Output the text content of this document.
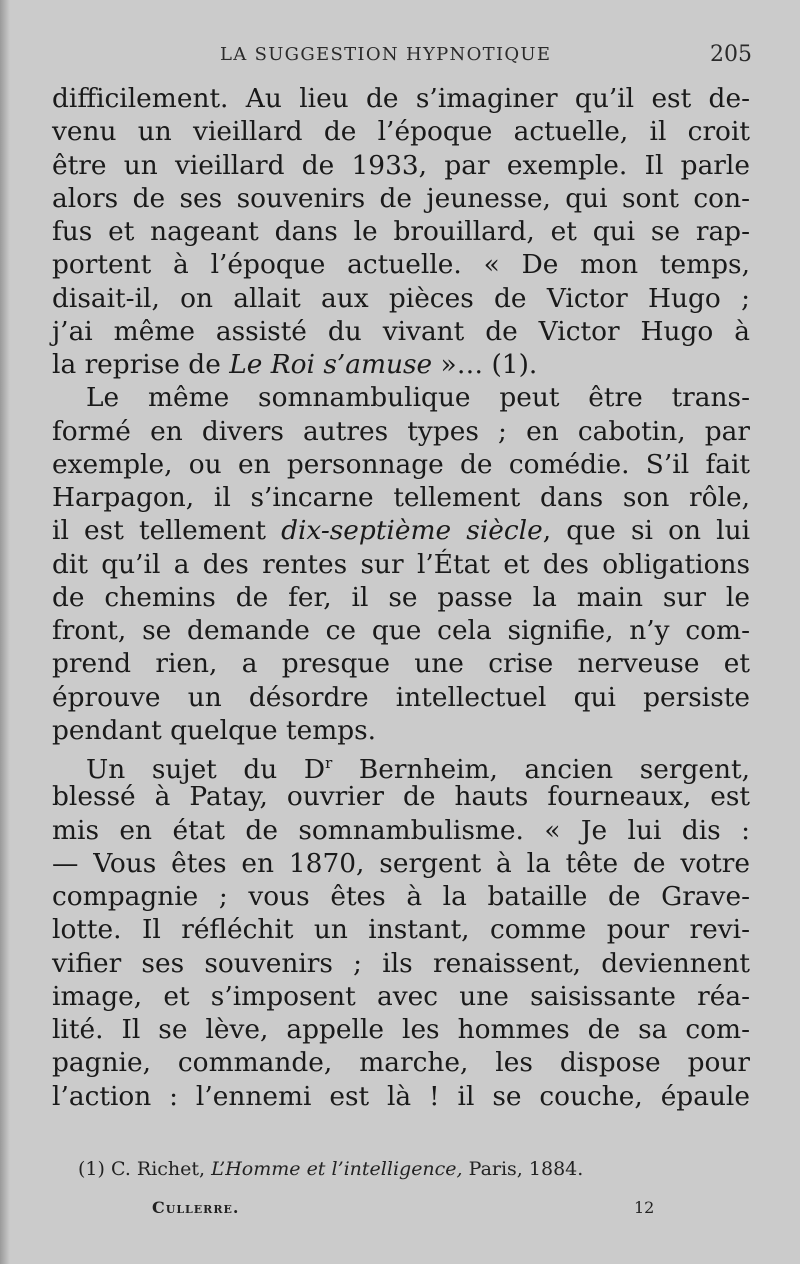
LA SUGGESTION HYPNOTIQUE	205
difficilement. Au lieu de s’imaginer qu’il est de-
venu un vieillard de l’époque actuelle, il croit
être un vieillard de 1933, par exemple. Il parle
alors de ses souvenirs de jeunesse, qui sont con-
fus et nageant dans le brouillard, et qui se rap-
portent à l’époque actuelle. « De mon temps,
disait-il, on allait aux pièces de Victor Hugo ;
j’ai même assisté du vivant de Victor Hugo à
la reprise de Le Roi s’amuse »… (1).
Le même somnambulique peut être trans-
formé en divers autres types ; en cabotin, par
exemple, ou en personnage de comédie. S’il fait
Harpagon, il s’incarne tellement dans son rôle,
il est tellement dix-septième siècle, que si on lui
dit qu’il a des rentes sur l’État et des obligations
de chemins de fer, il se passe la main sur le
front, se demande ce que cela signifie, n’y com-
prend rien, a presque une crise nerveuse et
éprouve un désordre intellectuel qui persiste
pendant quelque temps.
Un sujet du $D^r$ Bernheim, ancien sergent,
blessé à Patay, ouvrier de hauts fourneaux, est
mis en état de somnambulisme. « Je lui dis :
— Vous êtes en 1870, sergent à la tête de votre
compagnie ; vous êtes à la bataille de Grave-
lotte. Il réfléchit un instant, comme pour revi-
vifier ses souvenirs ; ils renaissent, deviennent
image, et s’imposent avec une saisissante réa-
lité. Il se lève, appelle les hommes de sa com-
pagnie, commande, marche, les dispose pour
l’action : l’ennemi est là ! il se couche, épaule
(1) C. Richet, L’Homme et l’intelligence, Paris, 1884.
Cullerre.	12
